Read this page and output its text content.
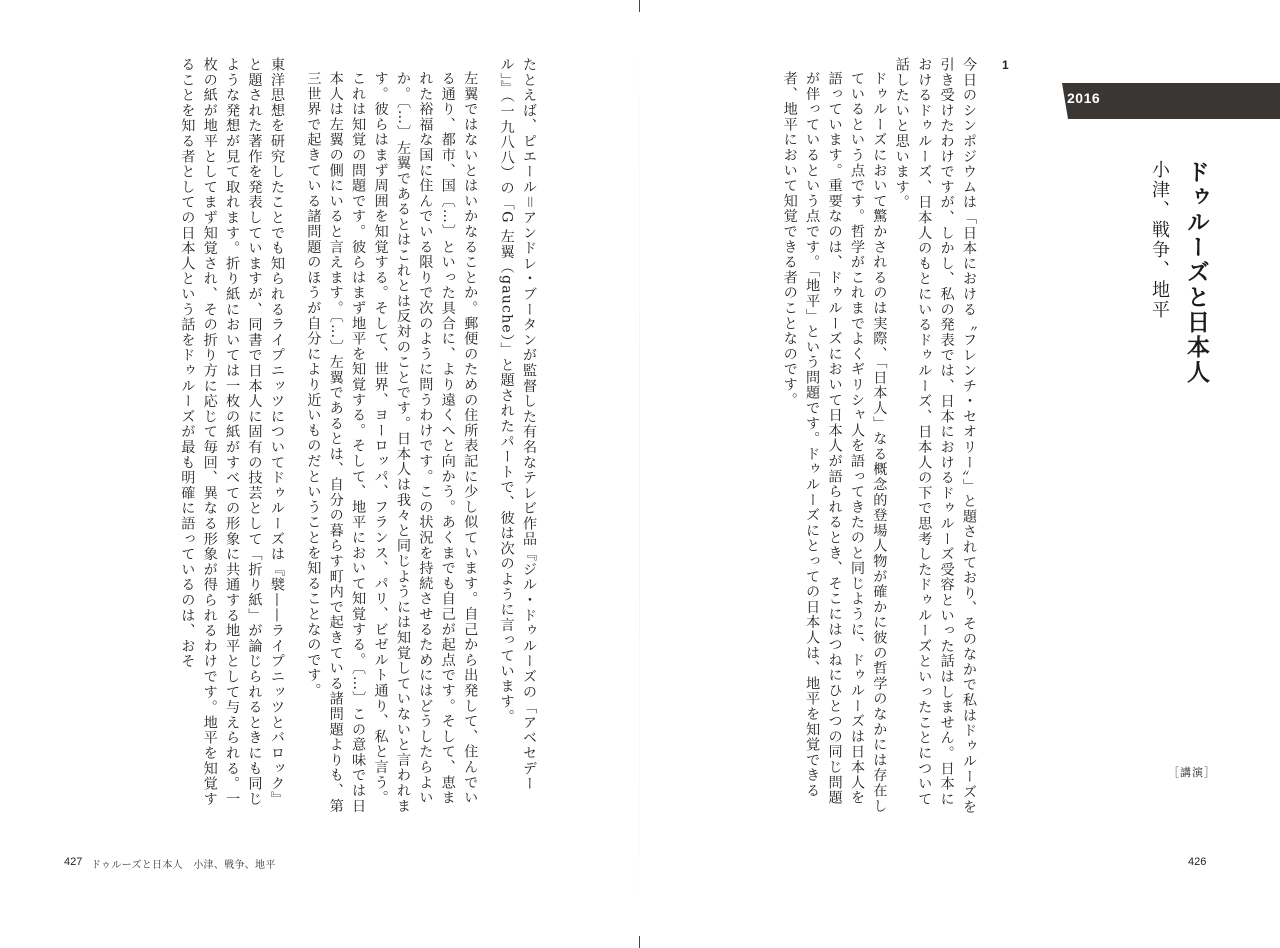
1
2016
ドゥルーズと日本人
小津、戦争、地平

今日のシンポジウムは「日本における〝フレンチ・セオリー〟」と題されており、そのなかで私はドゥルーズを引き受けたわけですが、しかし、私の発表では、日本におけるドゥルーズ受容といった話はしません。日本におけるドゥルーズ、日本人のもとにいるドゥルーズ、日本人の下で思考したドゥルーズといったことについて話したいと思います。

ドゥルーズにおいて驚かされるのは実際、「日本人」なる概念的登場人物が確かに彼の哲学のなかには存在しているという点です。哲学がこれまでよくギリシャ人を語ってきたのと同じように、ドゥルーズは日本人を語っています。重要なのは、ドゥルーズにおいて日本人が語られるとき、そこにはつねにひとつの同じ問題が伴っているという点です。「地平」という問題です。ドゥルーズにとっての日本人は、地平を知覚できる者、地平において知覚できる者のことなのです。

［講演］
426

たとえば、ピエール＝アンドレ・ブータンが監督した有名なテレビ作品『ジル・ドゥルーズの「アベセデール」』（一九八八）の「G 左翼（gauche）」と題されたパートで、彼は次のように言っています。

左翼ではないとはいかなることか。郵便のための住所表記に少し似ています。自己から出発して、住んでいる通り、都市、国〔…〕といった具合に、より遠くへと向かう。あくまでも自己が起点です。そして、恵まれた裕福な国に住んでいる限りで次のように問うわけです。この状況を持続させるためにはどうしたらよいか。〔…〕左翼であるとはこれとは反対のことです。日本人は我々と同じようには知覚していないと言われます。彼らはまず周囲を知覚する。そして、世界、ヨーロッパ、フランス、パリ、ビゼルト通り、私と言う。これは知覚の問題です。彼らはまず地平を知覚する。そして、地平において知覚する。〔…〕この意味では日本人は左翼の側にいると言えます。〔…〕左翼であるとは、自分の暮らす町内で起きている諸問題よりも、第三世界で起きている諸問題のほうが自分により近いものだということを知ることなのです。

東洋思想を研究したことでも知られるライプニッツについてドゥルーズは『襞——ライプニッツとバロック』と題された著作を発表していますが、同書で日本人に固有の技芸として「折り紙」が論じられるときにも同じような発想が見て取れます。折り紙においては一枚の紙がすべての形象に共通する地平として与えられる。一枚の紙が地平としてまず知覚され、その折り方に応じて毎回、異なる形象が得られるわけです。地平を知覚することを知る者としての日本人という話をドゥルーズが最も明確に語っているのは、おそ

427 ドゥルーズと日本人　小津、戦争、地平
